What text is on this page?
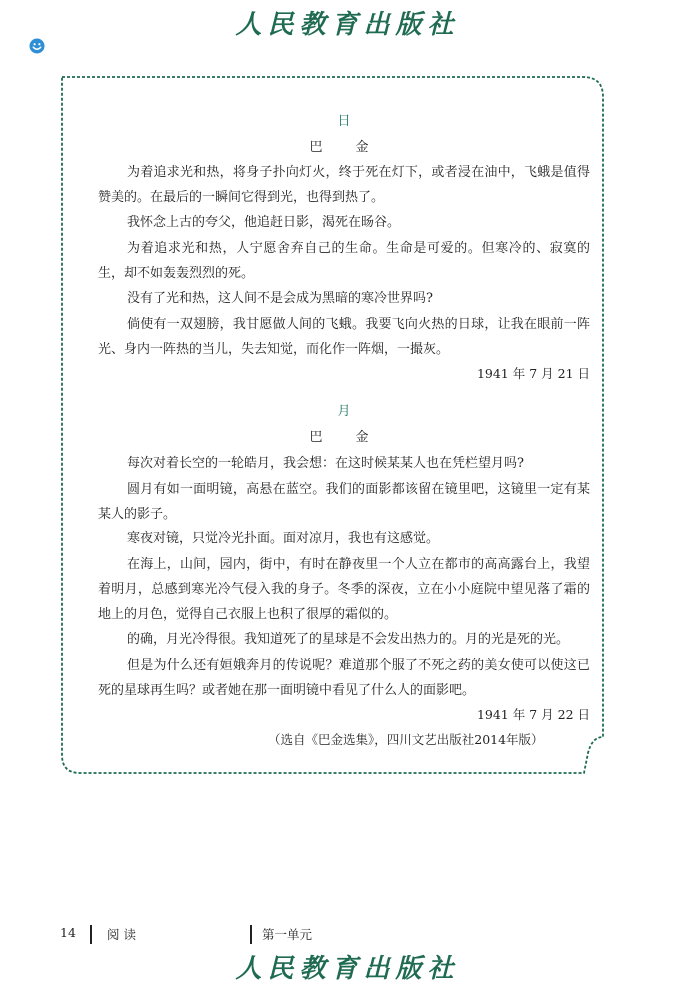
人民教育出版社
日
巴　金

为着追求光和热，将身子扑向灯火，终于死在灯下，或者浸在油中，飞蛾是值得赞美的。在最后的一瞬间它得到光，也得到热了。

我怀念上古的夸父，他追赶日影，渴死在旸谷。

为着追求光和热，人宁愿舍弃自己的生命。生命是可爱的。但寒冷的、寂寞的生，却不如轰轰烈烈的死。

没有了光和热，这人间不是会成为黑暗的寒冷世界吗?

倘使有一双翅膀，我甘愿做人间的飞蛾。我要飞向火热的日球，让我在眼前一阵光、身内一阵热的当儿，失去知觉，而化作一阵烟，一撮灰。

1941 年 7 月 21 日
月
巴　金

每次对着长空的一轮皓月，我会想：在这时候某某人也在凭栏望月吗?

圆月有如一面明镜，高悬在蓝空。我们的面影都该留在镜里吧，这镜里一定有某某人的影子。

寒夜对镜，只觉冷光扑面。面对凉月，我也有这感觉。

在海上，山间，园内，街中，有时在静夜里一个人立在都市的高高露台上，我望着明月，总感到寒光冷气侵入我的身子。冬季的深夜，立在小小庭院中望见落了霜的地上的月色，觉得自己衣服上也积了很厚的霜似的。

的确，月光冷得很。我知道死了的星球是不会发出热力的。月的光是死的光。

但是为什么还有姮娥奔月的传说呢？难道那个服了不死之药的美女使可以使这已死的星球再生吗？或者她在那一面明镜中看见了什么人的面影吧。

1941 年 7 月 22 日
（选自《巴金选集》，四川文艺出版社2014年版）
14 阅读	第一单元
人民教育出版社
